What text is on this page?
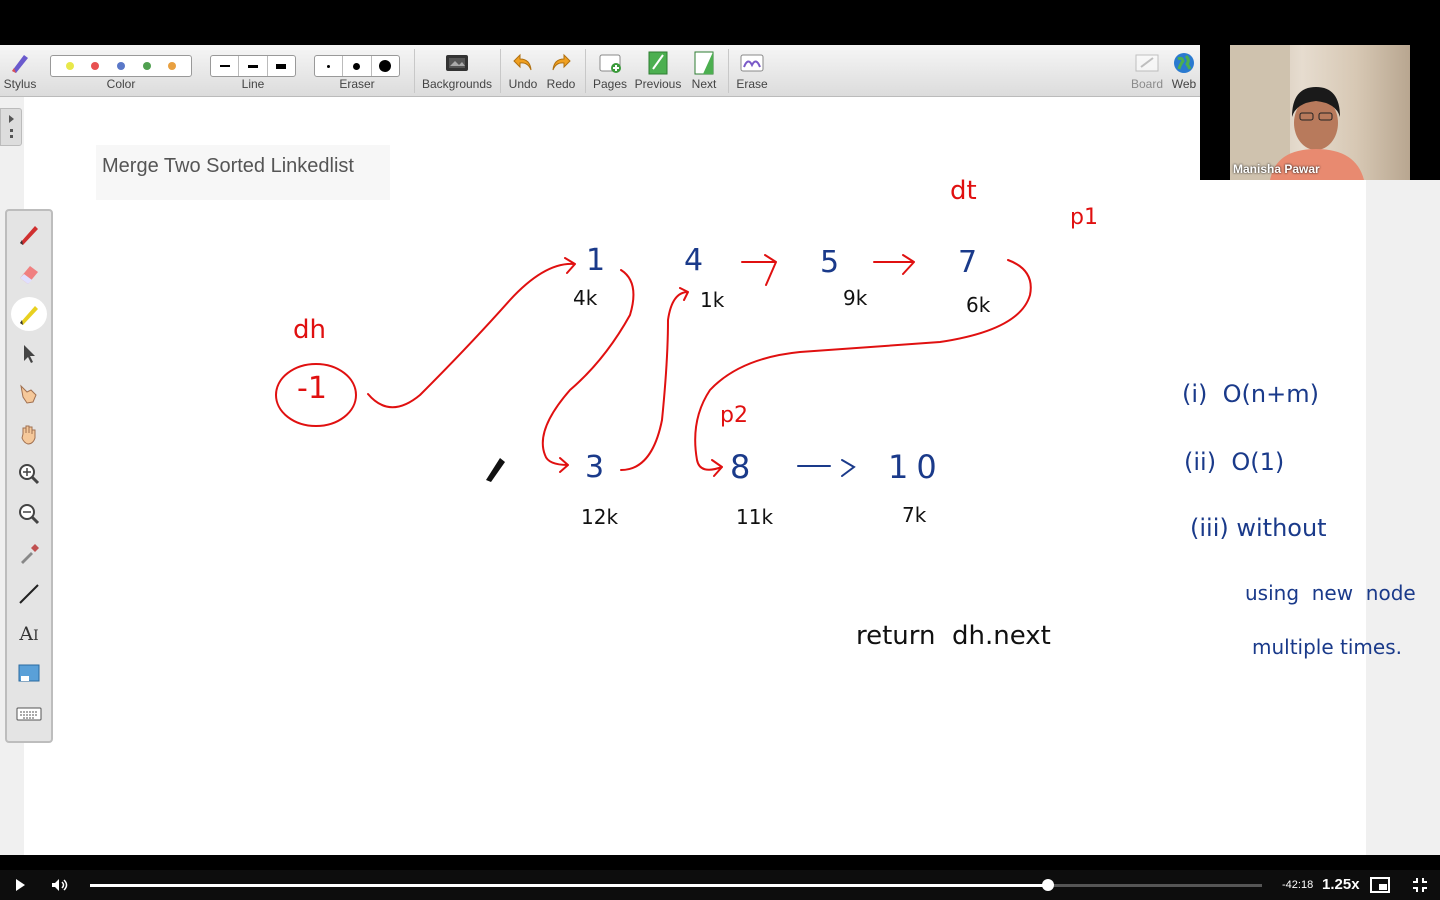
Merge Two Sorted Linkedlist
Stylus	Color	Line	Eraser	Backgrounds	Undo Redo	Pages Previous Next	Erase	Board Web
AI
dh
-1
dt
p1
p2
1	4	5	7
4k	1k	9k	6k
3	8	10
12k	11k	7k
return  dh.next
(i)  O(n+m)
(ii)  O(1)
(iii) without
using  new  node
multiple times.
Manisha Pawar
-42:18 1.25x
